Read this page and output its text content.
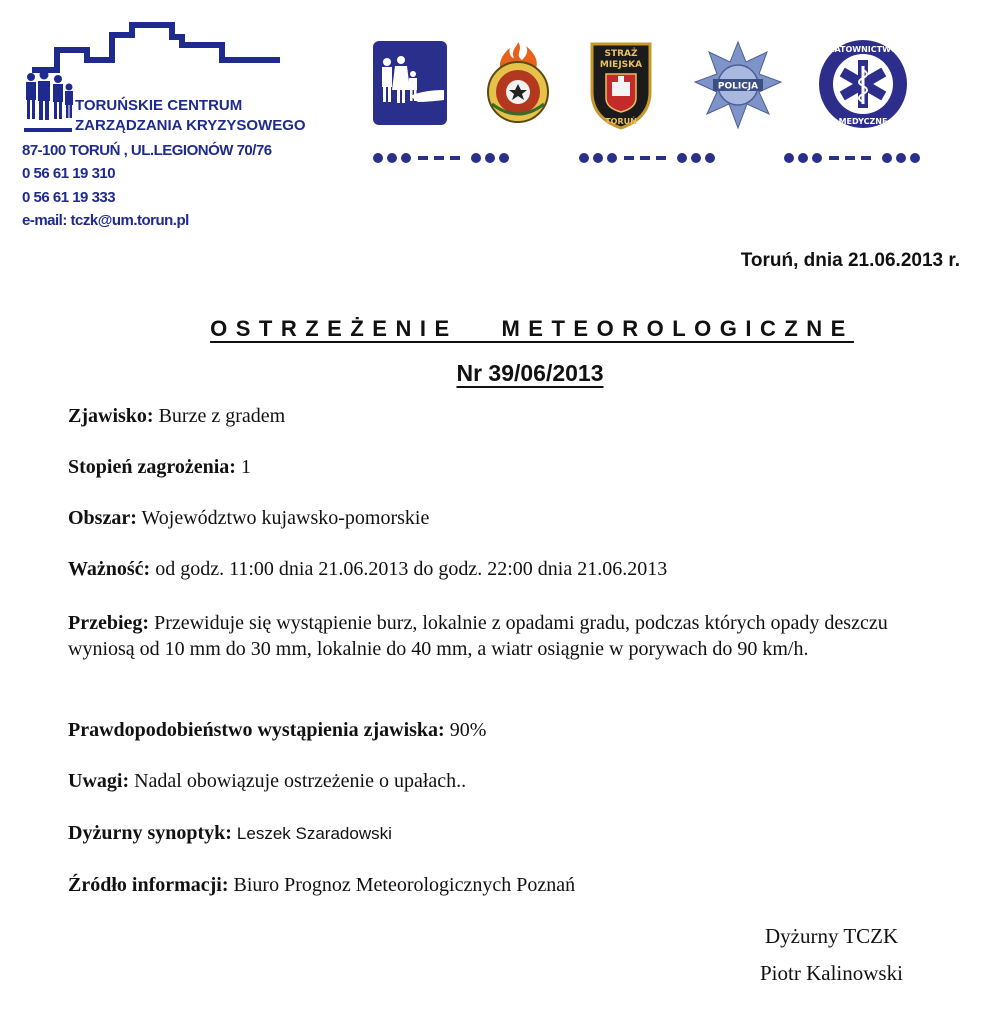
TORUŃSKIE CENTRUM
ZARZĄDZANIA KRYZYSOWEGO
87-100 TORUŃ , UL.LEGIONÓW 70/76
0 56 61 19 310
0 56 61 19 333
e-mail: tczk@um.torun.pl
STRAŻ
MIEJSKA
TORUŃ
POLICJA
RATOWNICTWO
MEDYCZNE
Toruń, dnia 21.06.2013 r.
OSTRZEŻENIE   METEOROLOGICZNE
Nr 39/06/2013
Zjawisko: Burze z gradem
Stopień zagrożenia: 1
Obszar: Województwo kujawsko-pomorskie
Ważność: od godz. 11:00 dnia 21.06.2013 do godz. 22:00 dnia 21.06.2013
Przebieg: Przewiduje się wystąpienie burz, lokalnie z opadami gradu, podczas których opady deszczu wyniosą od 10 mm do 30 mm, lokalnie do 40 mm, a wiatr osiągnie w porywach do 90 km/h.
Prawdopodobieństwo wystąpienia zjawiska: 90%
Uwagi: Nadal obowiązuje ostrzeżenie o upałach..
Dyżurny synoptyk: Leszek Szaradowski
Źródło informacji: Biuro Prognoz Meteorologicznych Poznań
Dyżurny TCZK
Piotr Kalinowski
